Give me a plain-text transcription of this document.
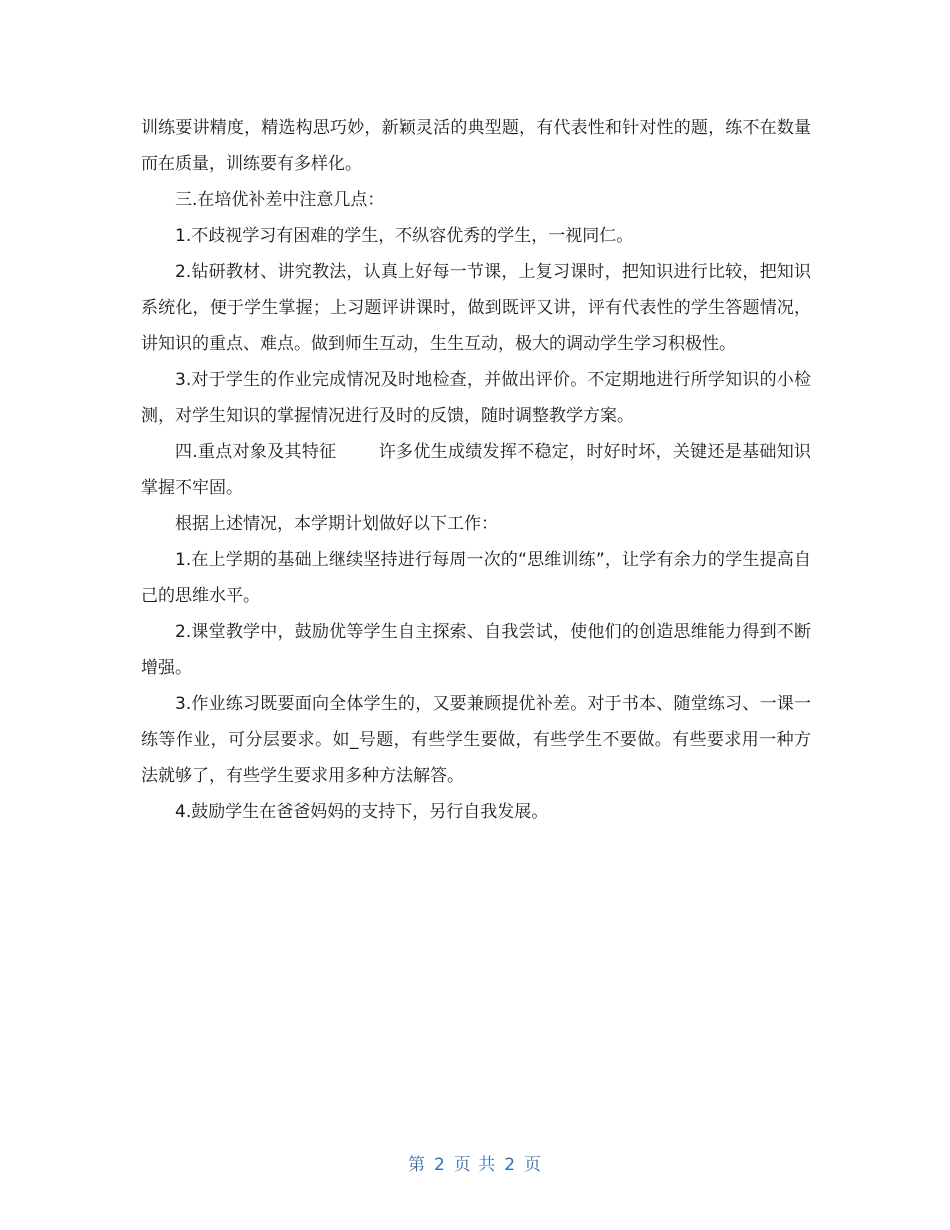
训练要讲精度，精选构思巧妙，新颖灵活的典型题，有代表性和针对性的题，练不在数量而在质量，训练要有多样化。

三.在培优补差中注意几点：

1.不歧视学习有困难的学生，不纵容优秀的学生，一视同仁。

2.钻研教材、讲究教法，认真上好每一节课，上复习课时，把知识进行比较，把知识系统化，便于学生掌握；上习题评讲课时，做到既评又讲，评有代表性的学生答题情况，讲知识的重点、难点。做到师生互动，生生互动，极大的调动学生学习积极性。

3.对于学生的作业完成情况及时地检查，并做出评价。不定期地进行所学知识的小检测，对学生知识的掌握情况进行及时的反馈，随时调整教学方案。

四.重点对象及其特征 许多优生成绩发挥不稳定，时好时坏，关键还是基础知识掌握不牢固。

根据上述情况，本学期计划做好以下工作：

1.在上学期的基础上继续坚持进行每周一次的“思维训练”，让学有余力的学生提高自己的思维水平。

2.课堂教学中，鼓励优等学生自主探索、自我尝试，使他们的创造思维能力得到不断增强。

3.作业练习既要面向全体学生的，又要兼顾提优补差。对于书本、随堂练习、一课一练等作业，可分层要求。如_号题，有些学生要做，有些学生不要做。有些要求用一种方法就够了，有些学生要求用多种方法解答。

4.鼓励学生在爸爸妈妈的支持下，另行自我发展。

第 2 页 共 2 页
